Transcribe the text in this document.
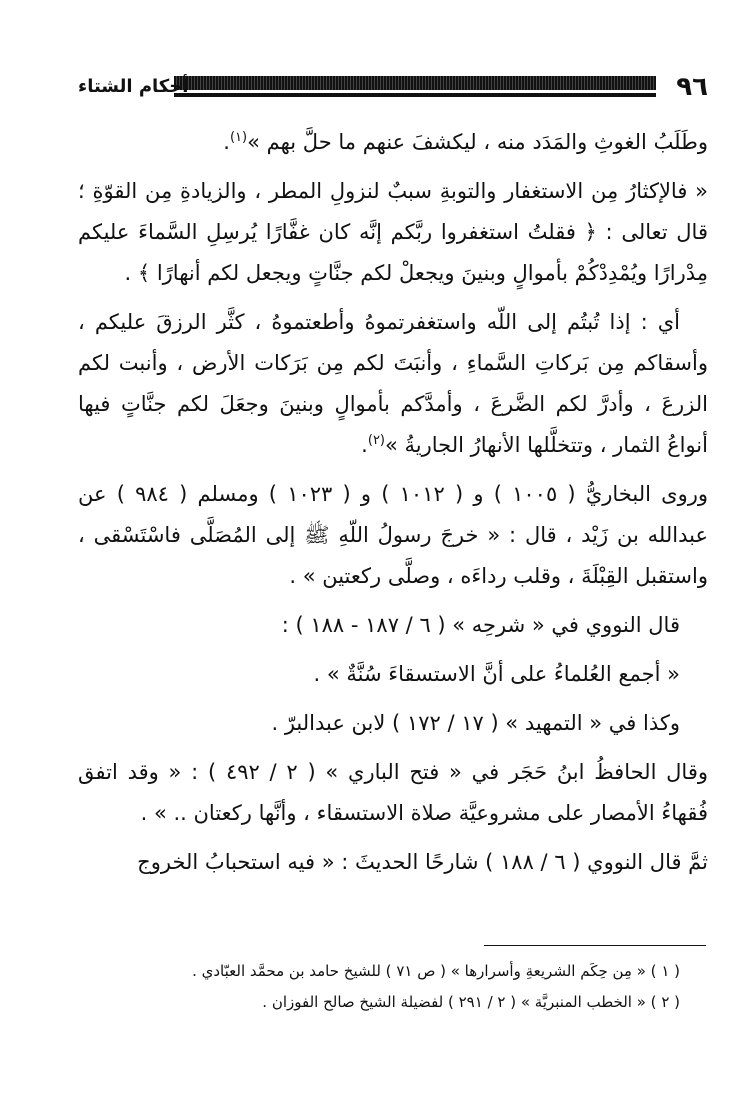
٩٦
أحكام الشتاء

وطَلَبُ الغوثِ والمَدَد منه ، ليكشفَ عنهم ما حلَّ بهم »$^{(١)}$.

« فالإكثارُ مِن الاستغفار والتوبةِ سببٌ لنزولِ المطر ، والزيادةِ مِن القوّةِ ؛ قال تعالى : ﴿ فقلتُ استغفروا ربَّكم إنَّه كان غفَّارًا يُرسِلِ السَّماءَ عليكم مِدْرارًا ويُمْدِدْكُمْ بأموالٍ وبنينَ ويجعلْ لكم جنَّاتٍ ويجعل لكم أنهارًا ﴾ .

أي : إذا تُبتُم إلى اللّه واستغفرتموهُ وأطعتموهُ ، كثَّر الرزقَ عليكم ، وأسقاكم مِن بَركاتِ السَّماءِ ، وأنبَتَ لكم مِن بَرَكات الأرض ، وأنبت لكم الزرعَ ، وأدرَّ لكم الضَّرعَ ، وأمدَّكم بأموالٍ وبنينَ وجعَلَ لكم جنَّاتٍ فيها أنواعُ الثمار ، وتتخلَّلها الأنهارُ الجاريةُ »$^{(٢)}$.

وروى البخاريُّ ( ١٠٠٥ ) و ( ١٠١٢ ) و ( ١٠٢٣ ) ومسلم ( ٩٨٤ ) عن عبدالله بن زَيْد ، قال : « خرجَ رسولُ اللّهِ ﷺ إلى المُصَلَّى فاسْتَسْقى ، واستقبل القِبْلَةَ ، وقلب رداءَه ، وصلَّى ركعتين » .

قال النووي في « شرحِه » ( ٦ / ١٨٧ - ١٨٨ ) :

« أجمع العُلماءُ على أنَّ الاستسقاءَ سُنَّةٌ » .

وكذا في « التمهيد » ( ١٧ / ١٧٢ ) لابن عبدالبرّ .

وقال الحافظُ ابنُ حَجَر في « فتح الباري » ( ٢ / ٤٩٢ ) : « وقد اتفق فُقهاءُ الأمصار على مشروعيَّة صلاة الاستسقاء ، وأنَّها ركعتان .. » .

ثمَّ قال النووي ( ٦ / ١٨٨ ) شارحًا الحديثَ : « فيه استحبابُ الخروج

( ١ ) « مِن حِكَم الشريعةِ وأسرارها » ( ص ٧١ ) للشيخ حامد بن محمَّد العبّادي .

( ٢ ) « الخطب المنبريَّة » ( ٢ / ٢٩١ ) لفضيلة الشيخ صالح الفوزان .
